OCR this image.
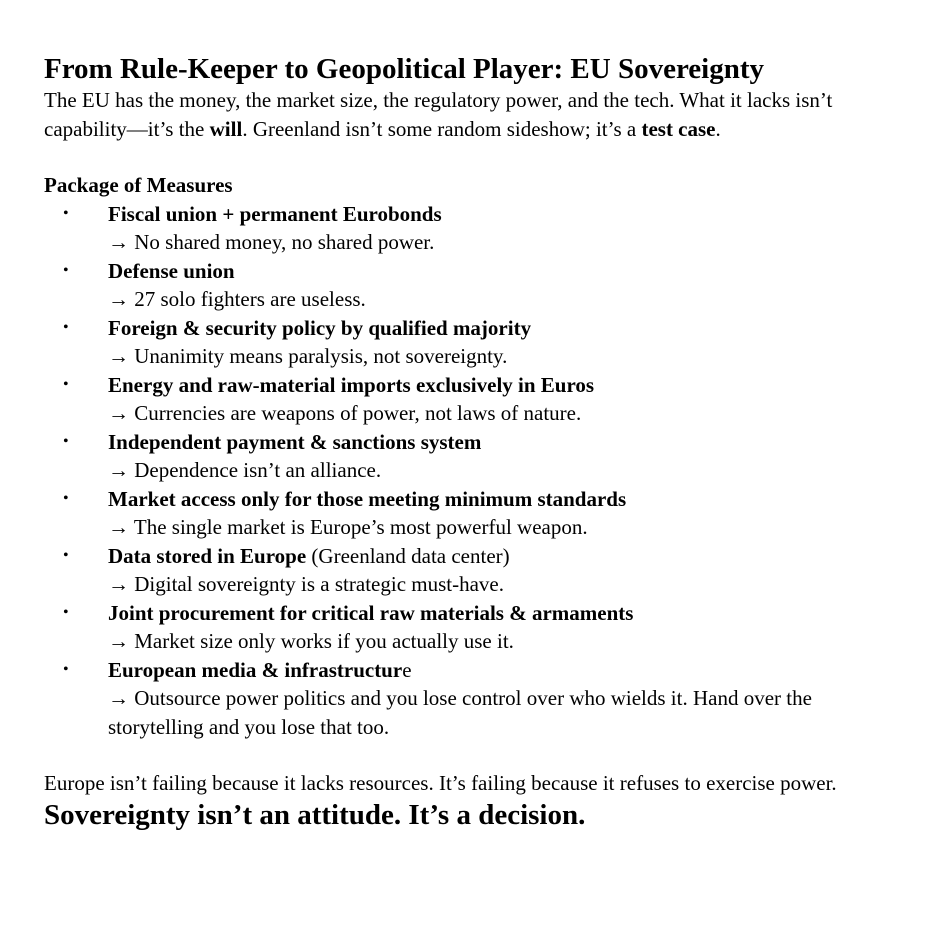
From Rule-Keeper to Geopolitical Player: EU Sovereignty

The EU has the money, the market size, the regulatory power, and the tech. What it lacks isn’t capability—it’s the will. Greenland isn’t some random sideshow; it’s a test case.

Package of Measures
• Fiscal union + permanent Eurobonds
→ No shared money, no shared power.
• Defense union
→ 27 solo fighters are useless.
• Foreign & security policy by qualified majority
→ Unanimity means paralysis, not sovereignty.
• Energy and raw-material imports exclusively in Euros
→ Currencies are weapons of power, not laws of nature.
• Independent payment & sanctions system
→ Dependence isn’t an alliance.
• Market access only for those meeting minimum standards
→ The single market is Europe’s most powerful weapon.
• Data stored in Europe (Greenland data center)
→ Digital sovereignty is a strategic must-have.
• Joint procurement for critical raw materials & armaments
→ Market size only works if you actually use it.
• European media & infrastructure
→ Outsource power politics and you lose control over who wields it. Hand over the storytelling and you lose that too.

Europe isn’t failing because it lacks resources. It’s failing because it refuses to exercise power.

Sovereignty isn’t an attitude. It’s a decision.
